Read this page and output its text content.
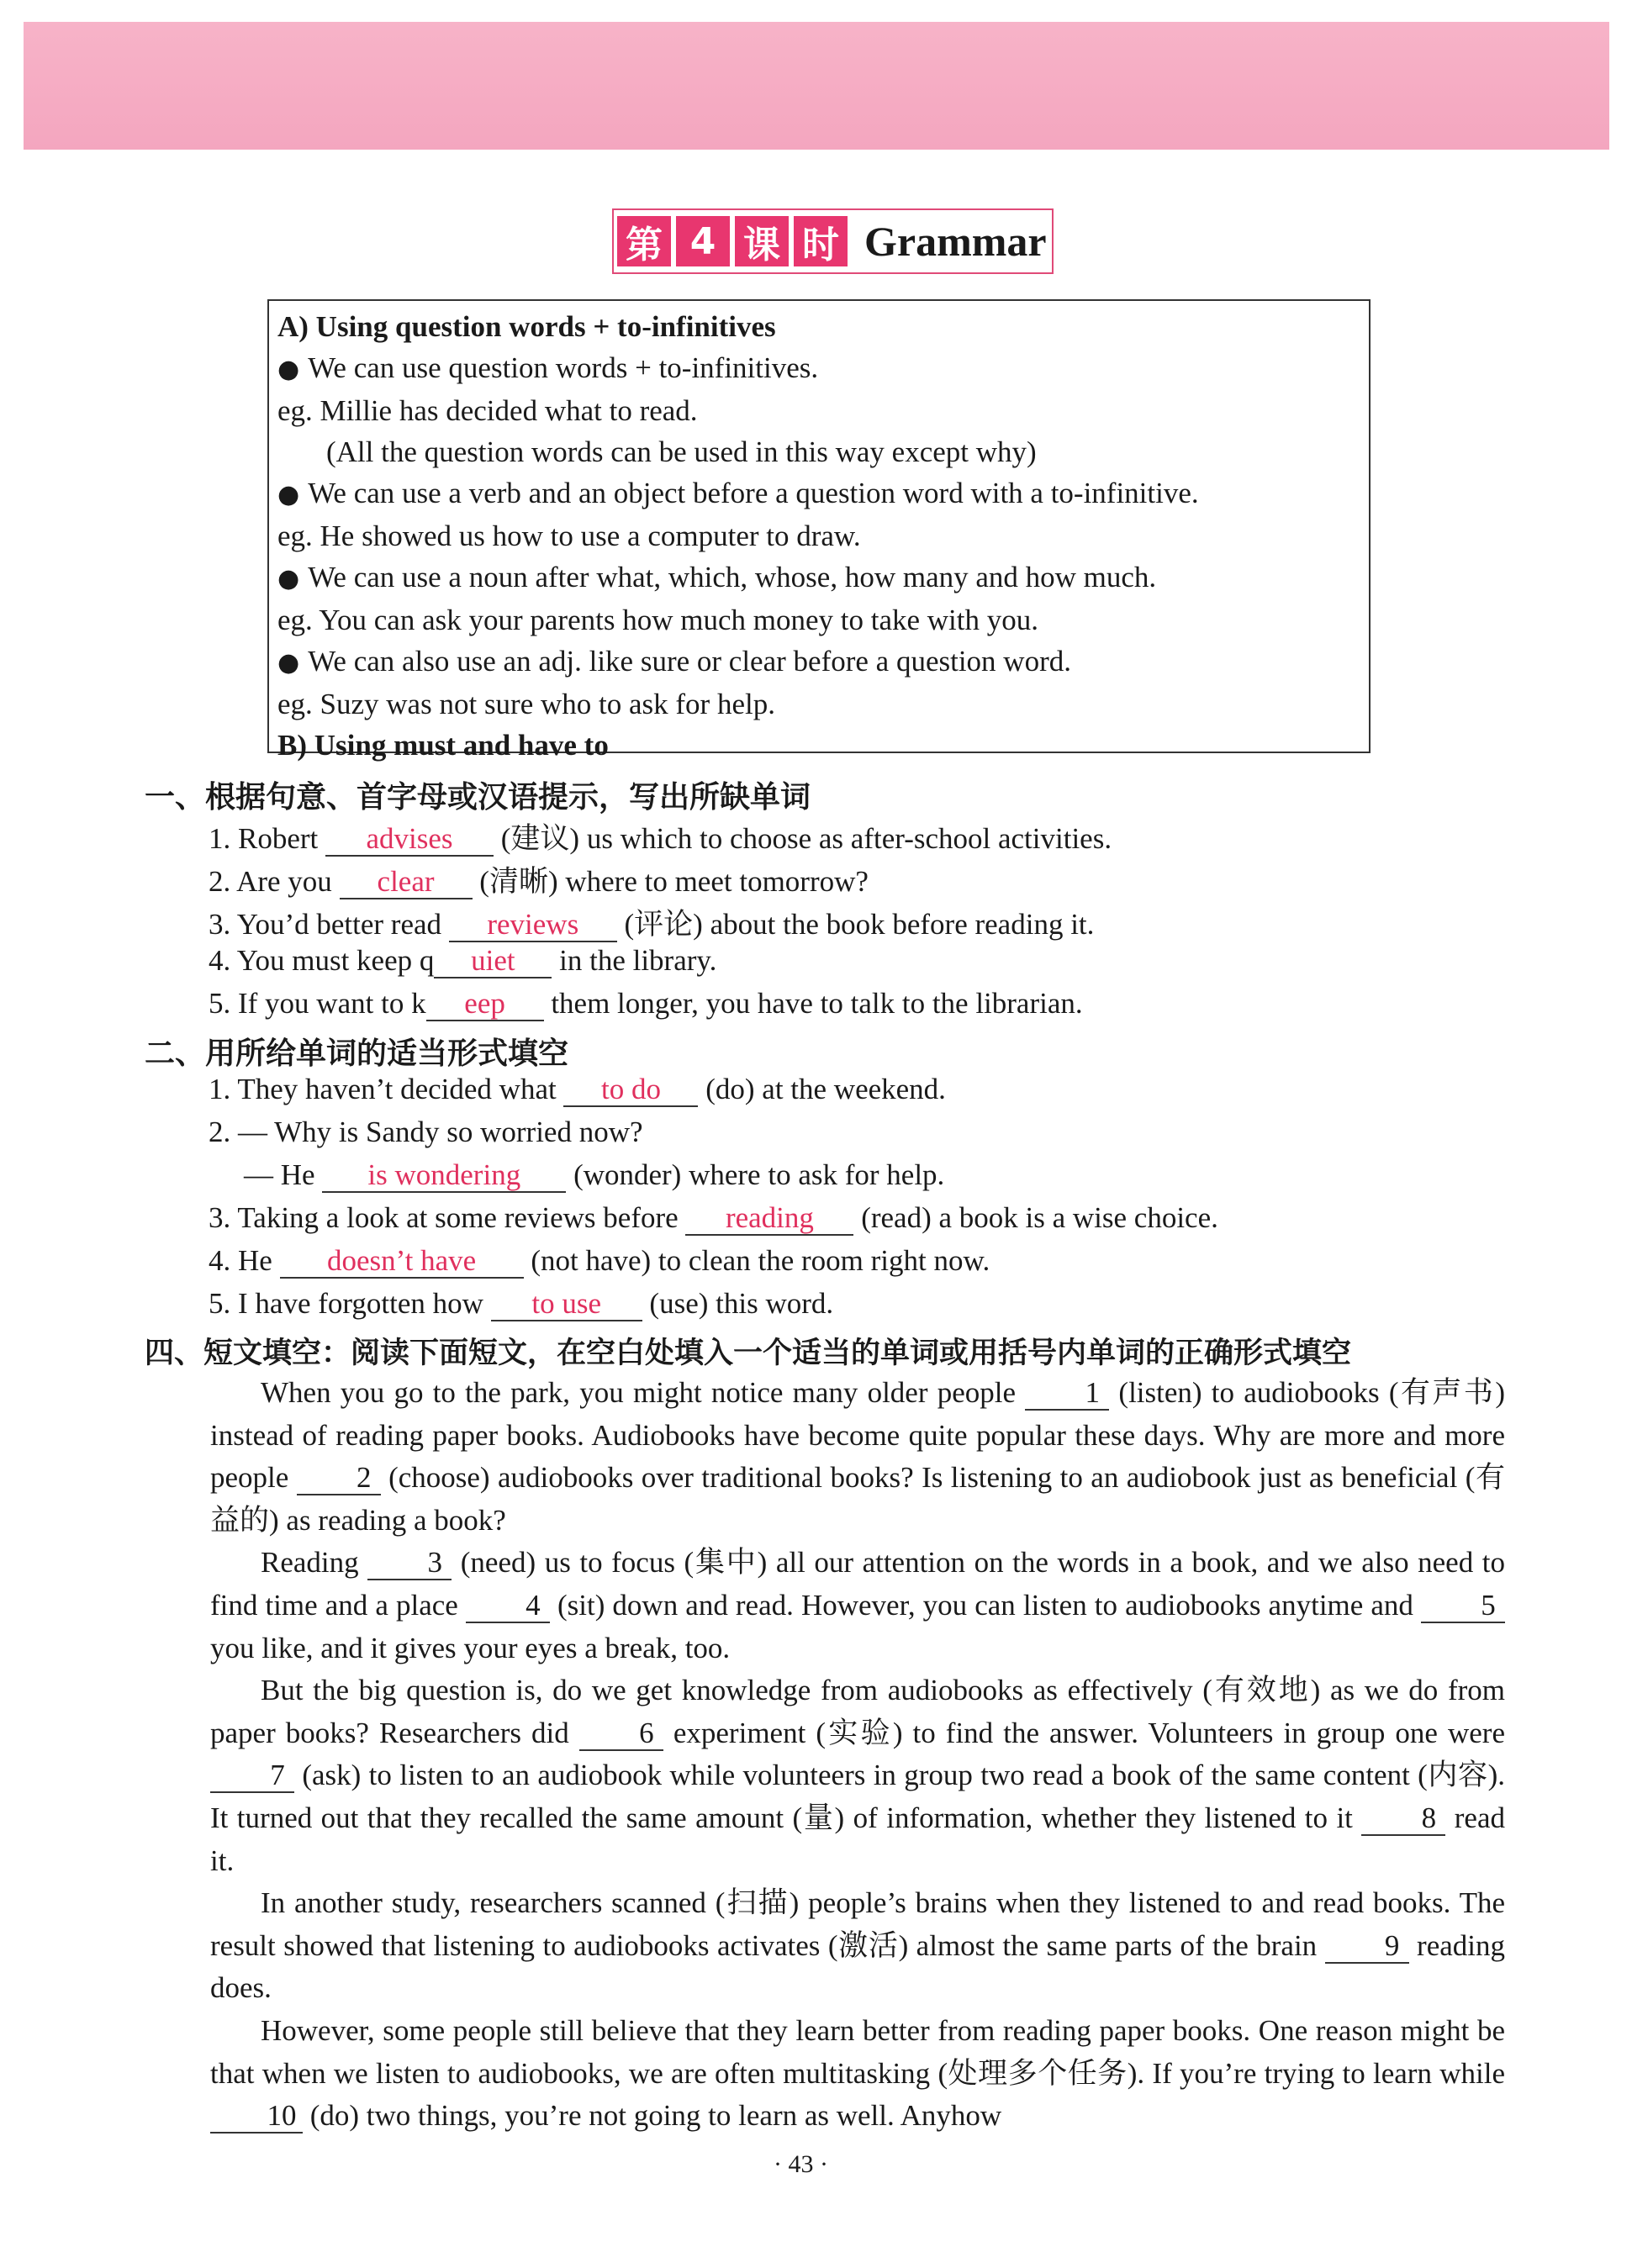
第 4 课 时 Grammar
A) Using question words + to-infinitives
● We can use question words + to-infinitives.
eg. Millie has decided what to read.
(All the question words can be used in this way except why)
● We can use a verb and an object before a question word with a to-infinitive.
eg. He showed us how to use a computer to draw.
● We can use a noun after what, which, whose, how many and how much.
eg. You can ask your parents how much money to take with you.
● We can also use an adj. like sure or clear before a question word.
eg. Suzy was not sure who to ask for help.
B) Using must and have to
一、根据句意、首字母或汉语提示，写出所缺单词
1. Robert advises (建议) us which to choose as after-school activities.
2. Are you clear (清晰) where to meet tomorrow?
3. You’d better read reviews (评论) about the book before reading it.
4. You must keep q uiet in the library.
5. If you want to k eep them longer, you have to talk to the librarian.
二、用所给单词的适当形式填空
1. They haven’t decided what to do (do) at the weekend.
2. — Why is Sandy so worried now?
— He is wondering (wonder) where to ask for help.
3. Taking a look at some reviews before reading (read) a book is a wise choice.
4. He doesn’t have (not have) to clean the room right now.
5. I have forgotten how to use (use) this word.
四、短文填空：阅读下面短文，在空白处填入一个适当的单词或用括号内单词的正确形式填空

When you go to the park, you might notice many older people 1 (listen) to audiobooks (有声书) instead of reading paper books. Audiobooks have become quite popular these days. Why are more and more people 2 (choose) audiobooks over traditional books? Is listening to an audiobook just as beneficial (有益的) as reading a book?

Reading 3 (need) us to focus (集中) all our attention on the words in a book, and we also need to find time and a place 4 (sit) down and read. However, you can listen to audiobooks anytime and 5 you like, and it gives your eyes a break, too.

But the big question is, do we get knowledge from audiobooks as effectively (有效地) as we do from paper books? Researchers did 6 experiment (实验) to find the answer. Volunteers in group one were 7 (ask) to listen to an audiobook while volunteers in group two read a book of the same content (内容). It turned out that they recalled the same amount (量) of information, whether they listened to it 8 read it.

In another study, researchers scanned (扫描) people’s brains when they listened to and read books. The result showed that listening to audiobooks activates (激活) almost the same parts of the brain 9 reading does.

However, some people still believe that they learn better from reading paper books. One reason might be that when we listen to audiobooks, we are often multitasking (处理多个任务). If you’re trying to learn while 10 (do) two things, you’re not going to learn as well. Anyhow

· 43 ·
